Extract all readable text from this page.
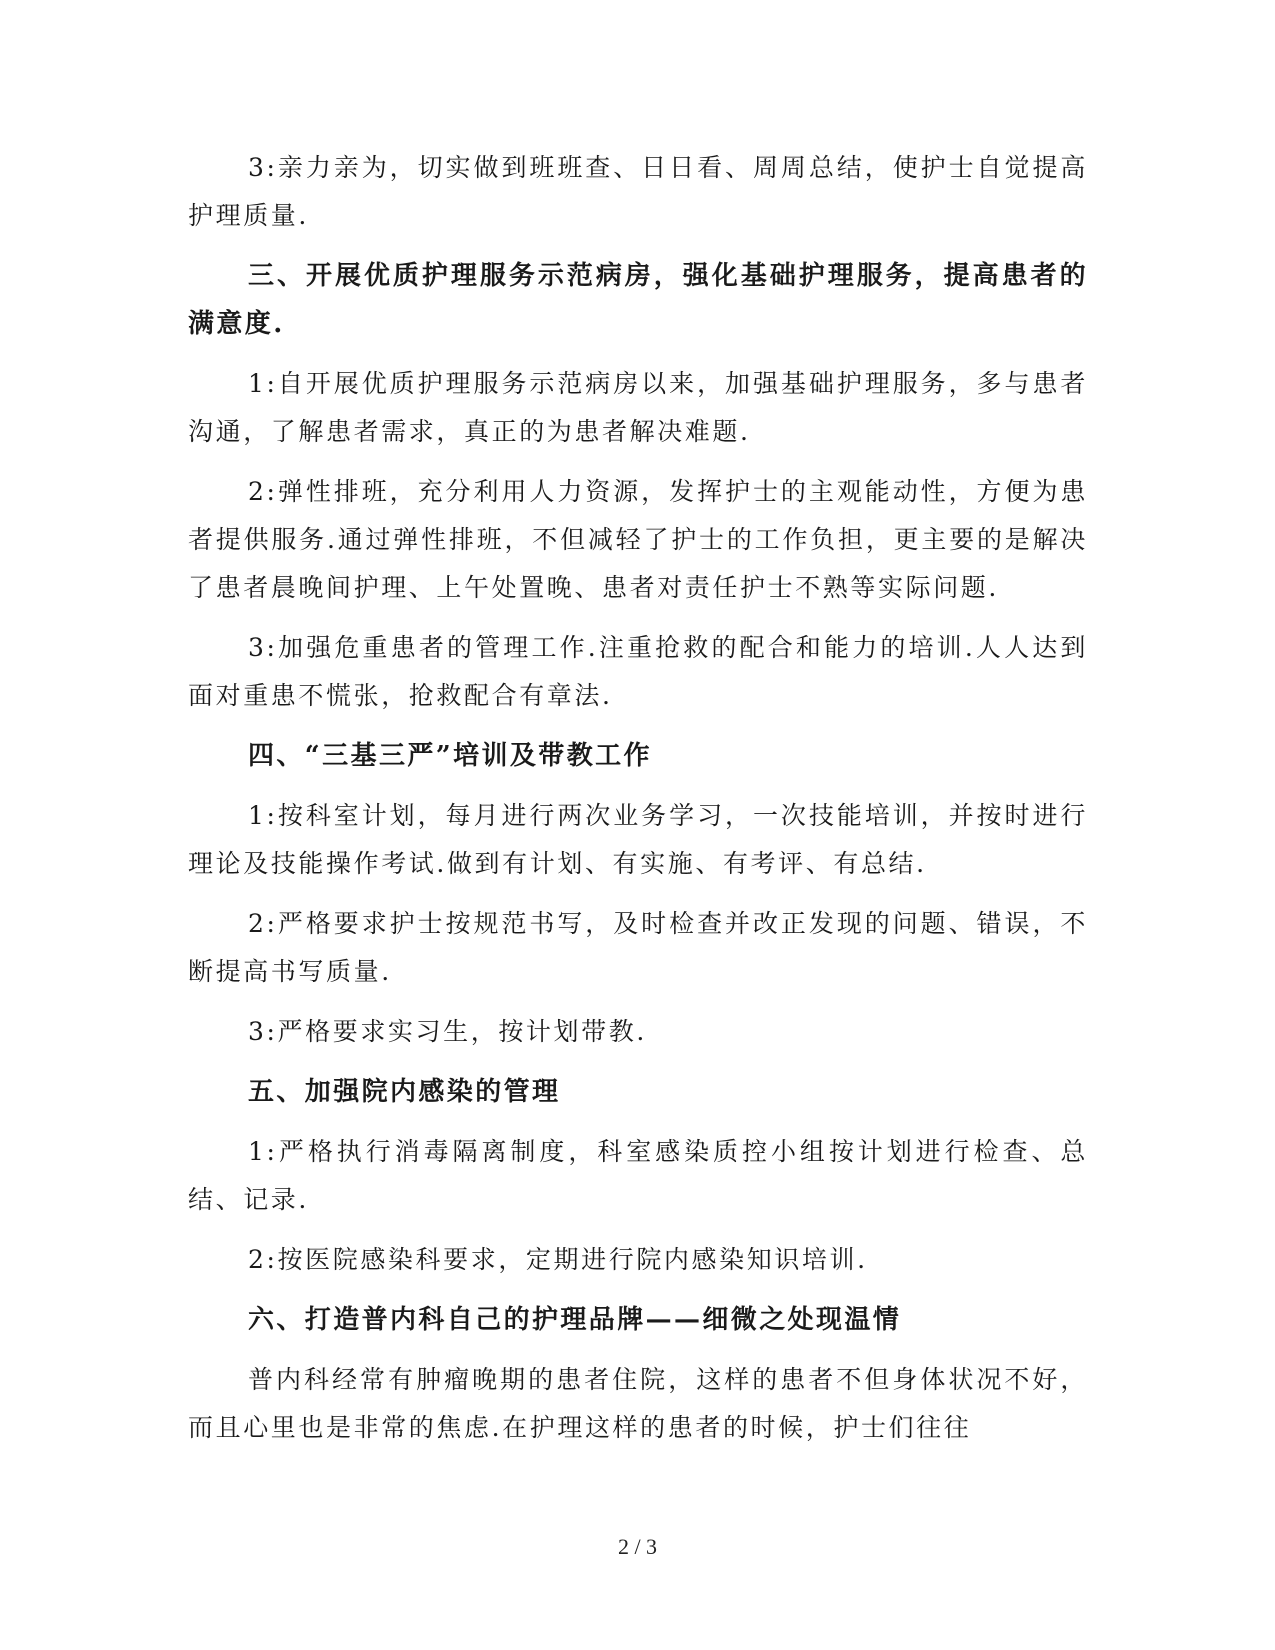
3:亲力亲为，切实做到班班查、日日看、周周总结，使护士自觉提高护理质量.

三、开展优质护理服务示范病房，强化基础护理服务，提高患者的满意度.

1:自开展优质护理服务示范病房以来，加强基础护理服务，多与患者沟通，了解患者需求，真正的为患者解决难题.

2:弹性排班，充分利用人力资源，发挥护士的主观能动性，方便为患者提供服务.通过弹性排班，不但减轻了护士的工作负担，更主要的是解决了患者晨晚间护理、上午处置晚、患者对责任护士不熟等实际问题.

3:加强危重患者的管理工作.注重抢救的配合和能力的培训.人人达到面对重患不慌张，抢救配合有章法.

四、“三基三严”培训及带教工作

1:按科室计划，每月进行两次业务学习，一次技能培训，并按时进行理论及技能操作考试.做到有计划、有实施、有考评、有总结.

2:严格要求护士按规范书写，及时检查并改正发现的问题、错误，不断提高书写质量.

3:严格要求实习生，按计划带教.

五、加强院内感染的管理

1:严格执行消毒隔离制度，科室感染质控小组按计划进行检查、总结、记录.

2:按医院感染科要求，定期进行院内感染知识培训.

六、打造普内科自己的护理品牌——细微之处现温情

普内科经常有肿瘤晚期的患者住院，这样的患者不但身体状况不好，而且心里也是非常的焦虑.在护理这样的患者的时候，护士们往往

2 / 3
